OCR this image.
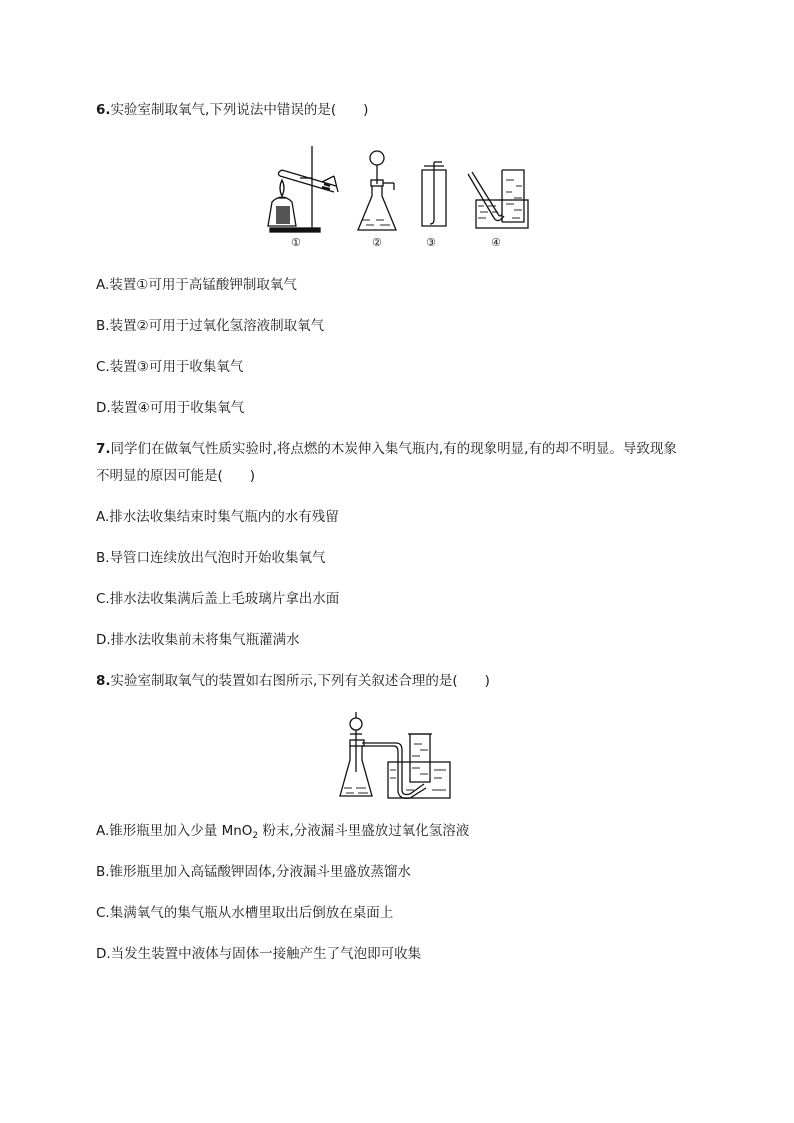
6.实验室制取氧气,下列说法中错误的是(　　)
①	②	③	④
A.装置①可用于高锰酸钾制取氧气
B.装置②可用于过氧化氢溶液制取氧气
C.装置③可用于收集氧气
D.装置④可用于收集氧气
7.同学们在做氧气性质实验时,将点燃的木炭伸入集气瓶内,有的现象明显,有的却不明显。导致现象
不明显的原因可能是(　　)
A.排水法收集结束时集气瓶内的水有残留
B.导管口连续放出气泡时开始收集氧气
C.排水法收集满后盖上毛玻璃片拿出水面
D.排水法收集前未将集气瓶灌满水
8.实验室制取氧气的装置如右图所示,下列有关叙述合理的是(　　)
A.锥形瓶里加入少量 MnO$_2$ 粉末,分液漏斗里盛放过氧化氢溶液
B.锥形瓶里加入高锰酸钾固体,分液漏斗里盛放蒸馏水
C.集满氧气的集气瓶从水槽里取出后倒放在桌面上
D.当发生装置中液体与固体一接触产生了气泡即可收集
